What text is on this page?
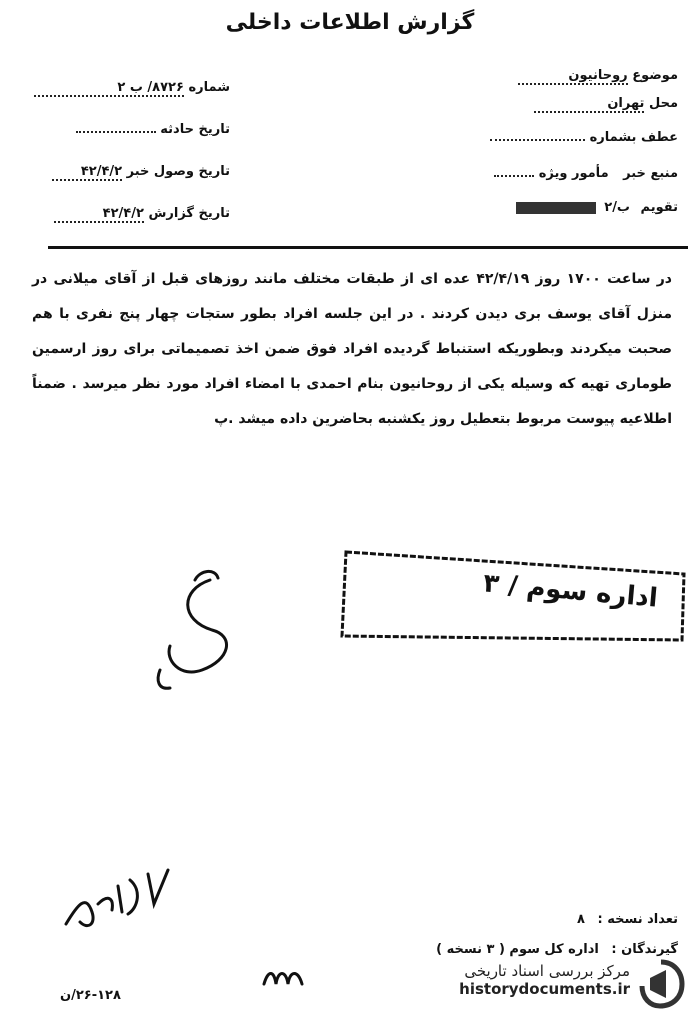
گزارش اطلاعات داخلی
موضوع روحانیون
محل تهران
عطف بشماره
منبع خبر مأمور ویژه
تقویم ب/۲
شماره ۸۷۲۶/ ب ۲
تاریخ حادثه
تاریخ وصول خبر ۴۲/۴/۲
تاریخ گزارش ۴۲/۴/۲
در ساعت ۱۷۰۰ روز ۴۲/۴/۱۹ عده ای از طبقات مختلف مانند روزهای قبل از آقای میلانی در منزل آقای یوسف بری دیدن کردند . در این جلسه افراد بطور ستجات چهار پنج نفری با هم صحبت میکردند وبطوریکه استنباط گردیده افراد فوق ضمن اخذ تصمیماتی برای روز ارسمین طوماری تهیه که وسیله یکی از روحانیون بنام احمدی با امضاء افراد مورد نظر میرسد . ضمناً اطلاعیه پیوست مربوط بتعطیل روز یکشنبه بحاضرین داده میشد .پ
اداره سوم / ۳
تعداد نسخه : ۸
گیرندگان : اداره کل سوم ( ۳ نسخه )
۲۶-۱۲۸/ن
مرکز بررسی اسناد تاریخی
historydocuments.ir
